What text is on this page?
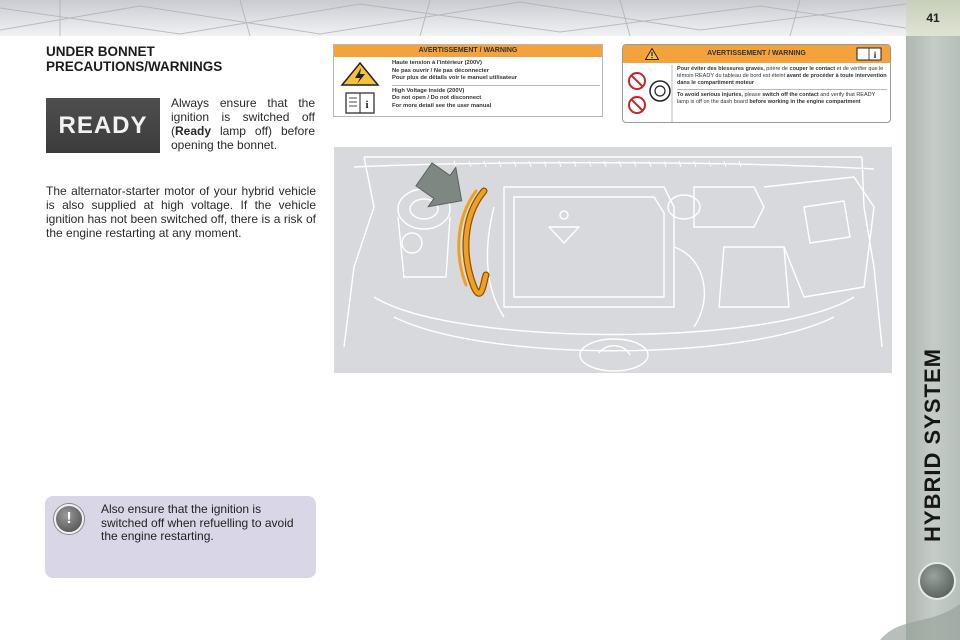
41
HYBRID SYSTEM
UNDER BONNET
PRECAUTIONS/WARNINGS
READY
Always ensure that the ignition is switched off (Ready lamp off) before opening the bonnet.
The alternator-starter motor of your hybrid vehicle is also supplied at high voltage. If the vehicle ignition has not been switched off, there is a risk of the engine restarting at any moment.
!
Also ensure that the ignition is switched off when refuelling to avoid the engine restarting.
AVERTISSEMENT / WARNING
i
Haute tension à l'intérieur (200V)
Ne pas ouvrir / Ne pas déconnecter
Pour plus de détails voir le manuel utilisateur
High Voltage inside (200V)
Do not open / Do not disconnect
For more detail see the user manual
AVERTISSEMENT / WARNING	i
Pour éviter des blessures graves, prière de couper le contact et de vérifier que le témoin READY du tableau de bord est éteint avant de procéder à toute intervention dans le compartiment moteur
To avoid serious injuries, please switch off the contact and verify that READY lamp is off on the dash board before working in the engine compartment
